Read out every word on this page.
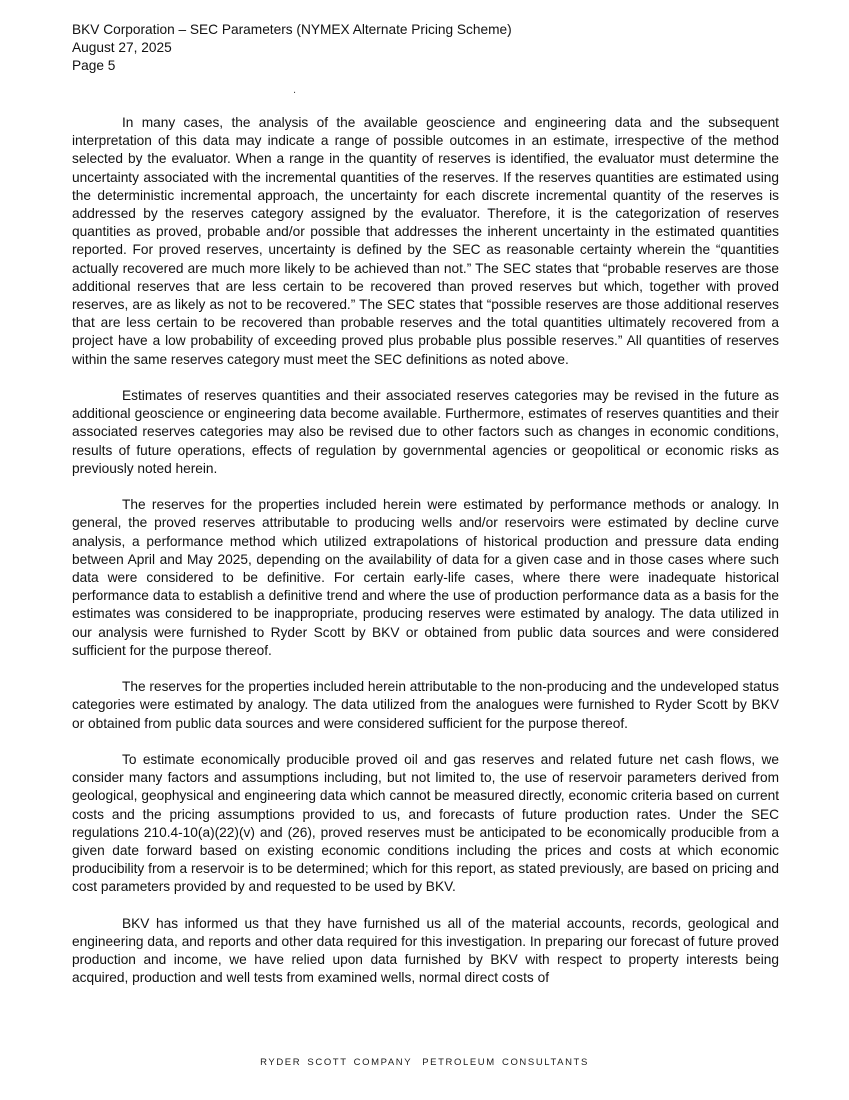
BKV Corporation – SEC Parameters (NYMEX Alternate Pricing Scheme)
August 27, 2025
Page 5
.

In many cases, the analysis of the available geoscience and engineering data and the subsequent interpretation of this data may indicate a range of possible outcomes in an estimate, irrespective of the method selected by the evaluator. When a range in the quantity of reserves is identified, the evaluator must determine the uncertainty associated with the incremental quantities of the reserves. If the reserves quantities are estimated using the deterministic incremental approach, the uncertainty for each discrete incremental quantity of the reserves is addressed by the reserves category assigned by the evaluator. Therefore, it is the categorization of reserves quantities as proved, probable and/or possible that addresses the inherent uncertainty in the estimated quantities reported. For proved reserves, uncertainty is defined by the SEC as reasonable certainty wherein the “quantities actually recovered are much more likely to be achieved than not.” The SEC states that “probable reserves are those additional reserves that are less certain to be recovered than proved reserves but which, together with proved reserves, are as likely as not to be recovered.” The SEC states that “possible reserves are those additional reserves that are less certain to be recovered than probable reserves and the total quantities ultimately recovered from a project have a low probability of exceeding proved plus probable plus possible reserves.” All quantities of reserves within the same reserves category must meet the SEC definitions as noted above.

Estimates of reserves quantities and their associated reserves categories may be revised in the future as additional geoscience or engineering data become available. Furthermore, estimates of reserves quantities and their associated reserves categories may also be revised due to other factors such as changes in economic conditions, results of future operations, effects of regulation by governmental agencies or geopolitical or economic risks as previously noted herein.

The reserves for the properties included herein were estimated by performance methods or analogy. In general, the proved reserves attributable to producing wells and/or reservoirs were estimated by decline curve analysis, a performance method which utilized extrapolations of historical production and pressure data ending between April and May 2025, depending on the availability of data for a given case and in those cases where such data were considered to be definitive. For certain early-life cases, where there were inadequate historical performance data to establish a definitive trend and where the use of production performance data as a basis for the estimates was considered to be inappropriate, producing reserves were estimated by analogy. The data utilized in our analysis were furnished to Ryder Scott by BKV or obtained from public data sources and were considered sufficient for the purpose thereof.

The reserves for the properties included herein attributable to the non-producing and the undeveloped status categories were estimated by analogy. The data utilized from the analogues were furnished to Ryder Scott by BKV or obtained from public data sources and were considered sufficient for the purpose thereof.

To estimate economically producible proved oil and gas reserves and related future net cash flows, we consider many factors and assumptions including, but not limited to, the use of reservoir parameters derived from geological, geophysical and engineering data which cannot be measured directly, economic criteria based on current costs and the pricing assumptions provided to us, and forecasts of future production rates. Under the SEC regulations 210.4-10(a)(22)(v) and (26), proved reserves must be anticipated to be economically producible from a given date forward based on existing economic conditions including the prices and costs at which economic producibility from a reservoir is to be determined; which for this report, as stated previously, are based on pricing and cost parameters provided by and requested to be used by BKV.

BKV has informed us that they have furnished us all of the material accounts, records, geological and engineering data, and reports and other data required for this investigation. In preparing our forecast of future proved production and income, we have relied upon data furnished by BKV with respect to property interests being acquired, production and well tests from examined wells, normal direct costs of

RYDER SCOTT COMPANY PETROLEUM CONSULTANTS
